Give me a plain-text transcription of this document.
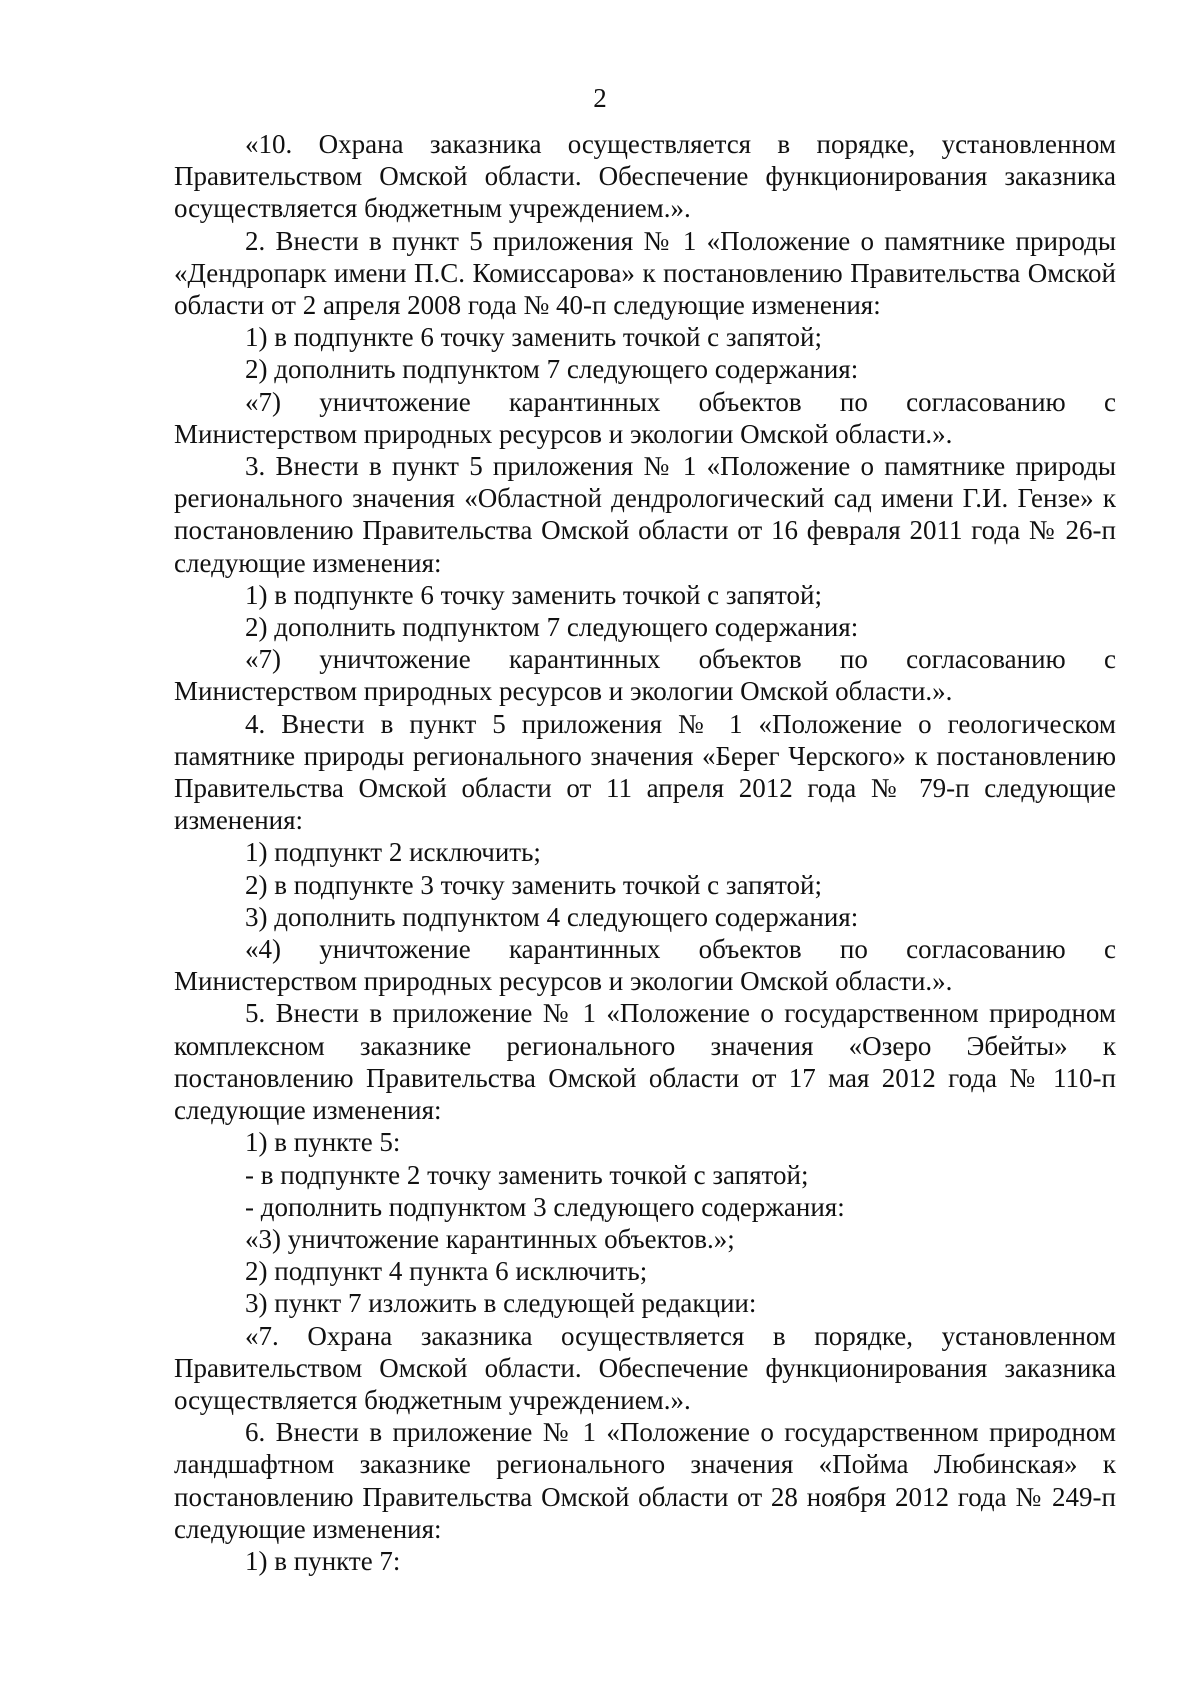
2

«10. Охрана заказника осуществляется в порядке, установленном Правительством Омской области. Обеспечение функционирования заказника осуществляется бюджетным учреждением.».

2. Внести в пункт 5 приложения № 1 «Положение о памятнике природы «Дендропарк имени П.С. Комиссарова» к постановлению Правительства Омской области от 2 апреля 2008 года № 40-п следующие изменения:

1) в подпункте 6 точку заменить точкой с запятой;

2) дополнить подпунктом 7 следующего содержания:

«7) уничтожение карантинных объектов по согласованию с Министерством природных ресурсов и экологии Омской области.».

3. Внести в пункт 5 приложения № 1 «Положение о памятнике природы регионального значения «Областной дендрологический сад имени Г.И. Гензе» к постановлению Правительства Омской области от 16 февраля 2011 года № 26-п следующие изменения:

1) в подпункте 6 точку заменить точкой с запятой;

2) дополнить подпунктом 7 следующего содержания:

«7) уничтожение карантинных объектов по согласованию с Министерством природных ресурсов и экологии Омской области.».

4. Внести в пункт 5 приложения № 1 «Положение о геологическом памятнике природы регионального значения «Берег Черского» к постановлению Правительства Омской области от 11 апреля 2012 года № 79-п следующие изменения:

1) подпункт 2 исключить;

2) в подпункте 3 точку заменить точкой с запятой;

3) дополнить подпунктом 4 следующего содержания:

«4) уничтожение карантинных объектов по согласованию с Министерством природных ресурсов и экологии Омской области.».

5. Внести в приложение № 1 «Положение о государственном природном комплексном заказнике регионального значения «Озеро Эбейты» к постановлению Правительства Омской области от 17 мая 2012 года № 110-п следующие изменения:

1) в пункте 5:

- в подпункте 2 точку заменить точкой с запятой;

- дополнить подпунктом 3 следующего содержания:

«3) уничтожение карантинных объектов.»;

2) подпункт 4 пункта 6 исключить;

3) пункт 7 изложить в следующей редакции:

«7. Охрана заказника осуществляется в порядке, установленном Правительством Омской области. Обеспечение функционирования заказника осуществляется бюджетным учреждением.».

6. Внести в приложение № 1 «Положение о государственном природном ландшафтном заказнике регионального значения «Пойма Любинская» к постановлению Правительства Омской области от 28 ноября 2012 года № 249-п следующие изменения:

1) в пункте 7:
